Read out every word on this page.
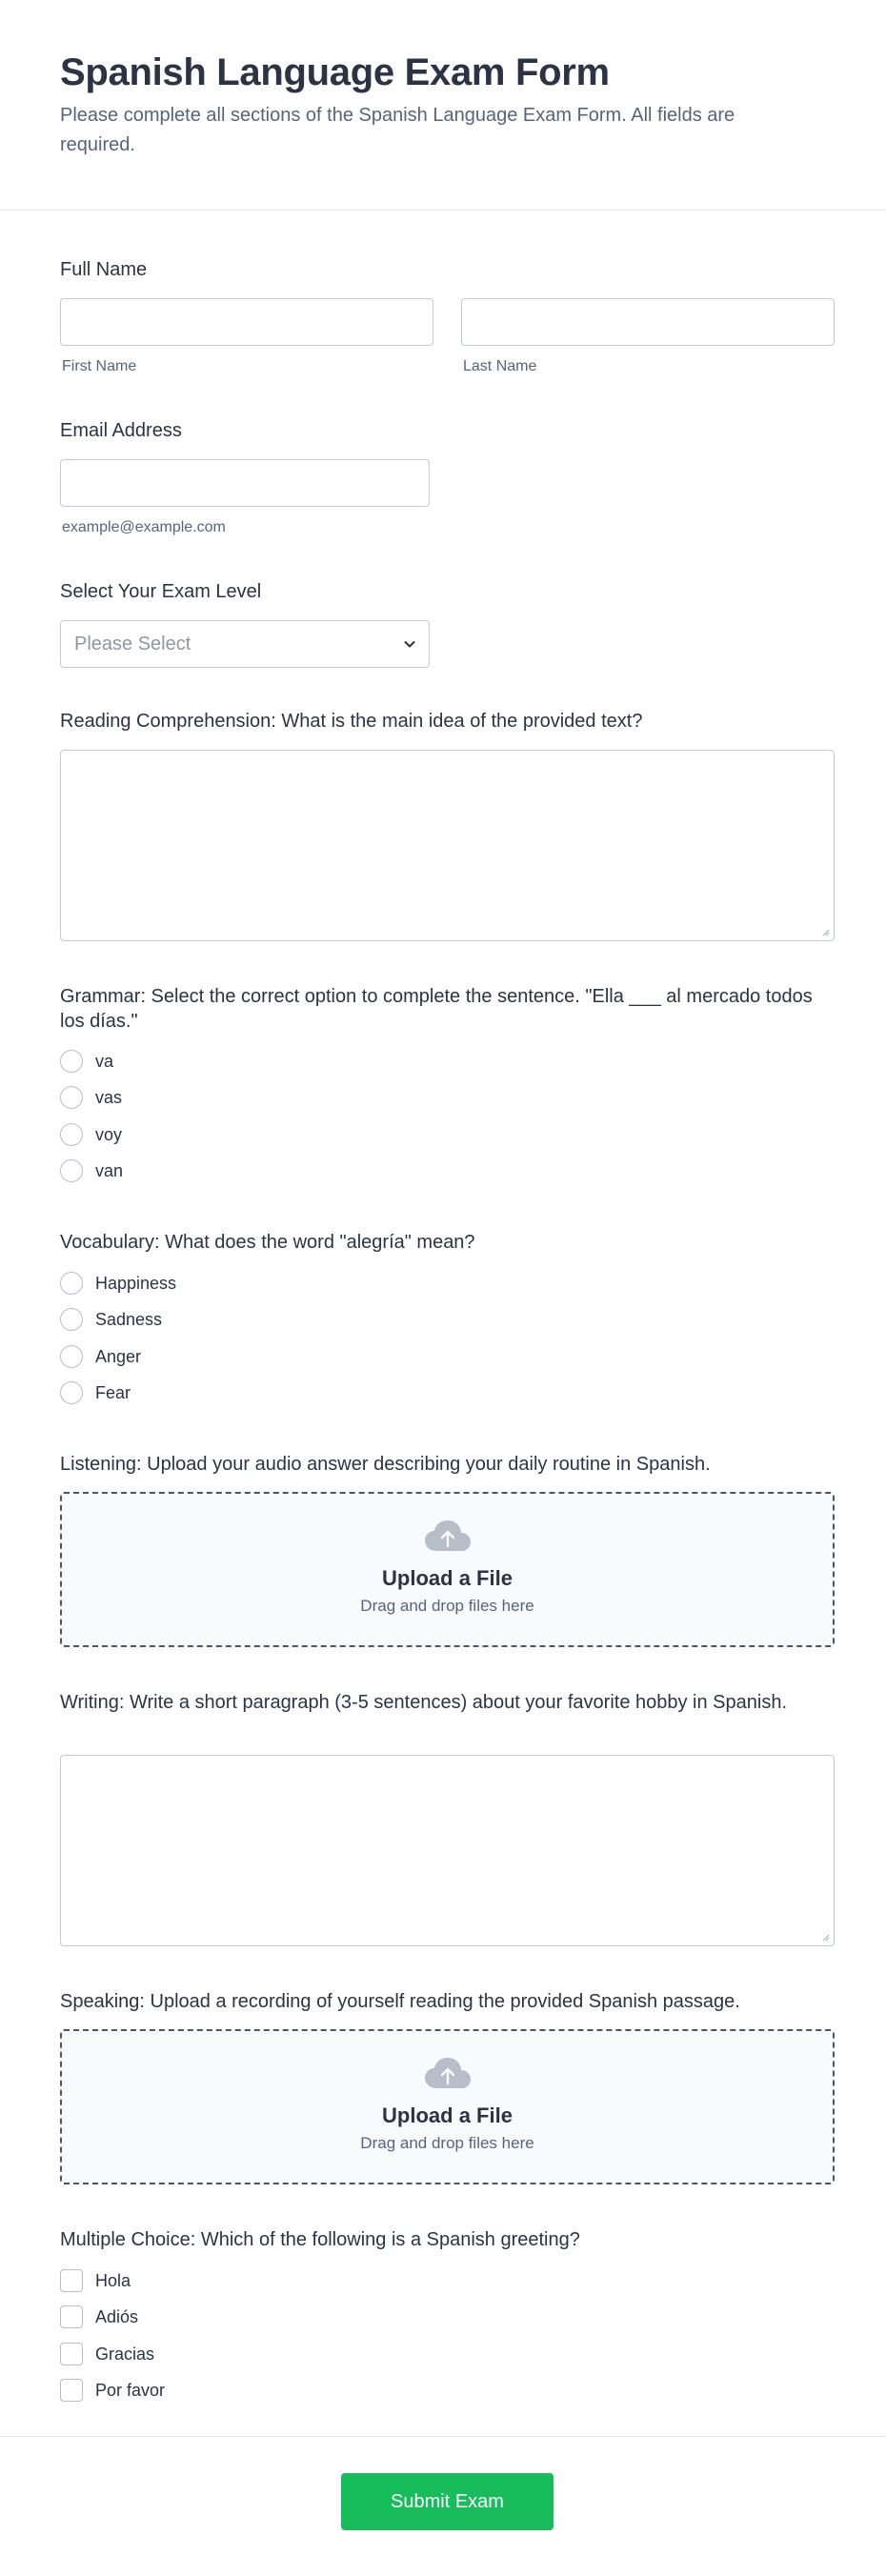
Spanish Language Exam Form

Please complete all sections of the Spanish Language Exam Form. All fields are required.

Full Name
First Name	Last Name
Email Address
example@example.com
Select Your Exam Level
Please Select
Reading Comprehension: What is the main idea of the provided text?
Grammar: Select the correct option to complete the sentence. "Ella ___ al mercado todos los días."
va
vas
voy
van
Vocabulary: What does the word "alegría" mean?
Happiness
Sadness
Anger
Fear
Listening: Upload your audio answer describing your daily routine in Spanish.
Upload a File
Drag and drop files here
Writing: Write a short paragraph (3-5 sentences) about your favorite hobby in Spanish.
Speaking: Upload a recording of yourself reading the provided Spanish passage.
Upload a File
Drag and drop files here
Multiple Choice: Which of the following is a Spanish greeting?
Hola
Adiós
Gracias
Por favor
Submit Exam
